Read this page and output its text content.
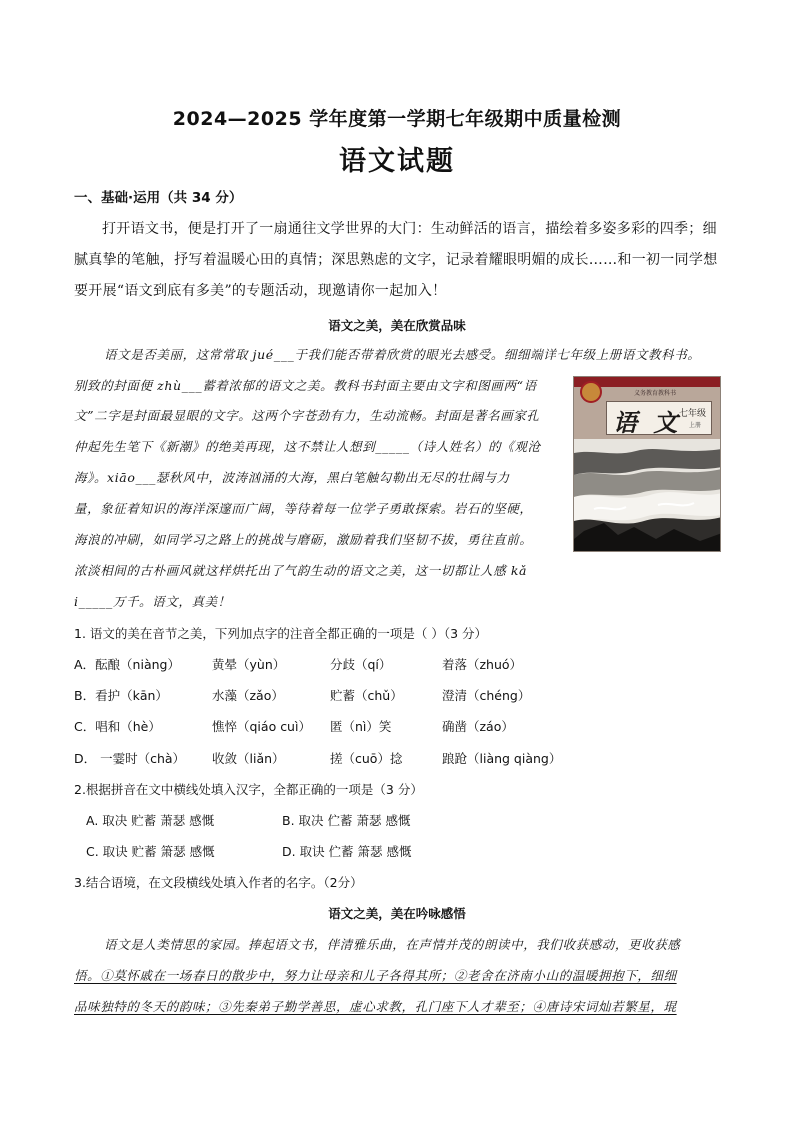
2024—2025 学年度第一学期七年级期中质量检测
语文试题
一、基础·运用（共 34 分）
打开语文书，便是打开了一扇通往文学世界的大门：生动鲜活的语言，描绘着多姿多彩的四季；细腻真挚的笔触，抒写着温暖心田的真情；深思熟虑的文字，记录着耀眼明媚的成长……和一初一同学想要开展“语文到底有多美”的专题活动，现邀请你一起加入！
语文之美，美在欣赏品味
语文是否美丽，这常常取 jué___于我们能否带着欣赏的眼光去感受。细细端详七年级上册语文教科书。
别致的封面便 zhù___蓄着浓郁的语文之美。教科书封面主要由文字和图画两“语
文”二字是封面最显眼的文字。这两个字苍劲有力，生动流畅。封面是著名画家孔
仲起先生笔下《新潮》的绝美再现，这不禁让人想到_____（诗人姓名）的《观沧
海》。xiāo___瑟秋风中，波涛汹涌的大海，黑白笔触勾勒出无尽的壮阔与力
量，象征着知识的海洋深邃而广阔，等待着每一位学子勇敢探索。岩石的坚硬，
海浪的冲刷，如同学习之路上的挑战与磨砺，激励着我们坚韧不拔，勇往直前。
浓淡相间的古朴画风就这样烘托出了气韵生动的语文之美，这一切都让人感 kǎ
i_____万千。语文，真美！
义务教育教科书
语 文
七年级
上册
1. 语文的美在音节之美，下列加点字的注音全都正确的一项是（ ）（3 分）
A．酝酿（niàng）	黄晕（yùn）	分歧（qí）	着落（zhuó）
B．看护（kān）	水藻（zǎo）	贮蓄（chǔ）	澄清（chéng）
C．唱和（hè）	憔悴（qiáo cuì） 匿（nì）笑	确凿（záo）
D． 一霎时（chà） 收敛（liǎn）	搓（cuō）捻	踉跄（liàng qiàng）
2.根据拼音在文中横线处填入汉字，全都正确的一项是（3 分）
A. 取决 贮蓄 萧瑟 感慨	B. 取决 伫蓄 萧瑟 感慨
C. 取诀 贮蓄 箫瑟 感慨	D. 取诀 伫蓄 箫瑟 感慨
3.结合语境，在文段横线处填入作者的名字。（2分）
语文之美，美在吟咏感悟
语文是人类情思的家园。捧起语文书，伴清雅乐曲，在声情并茂的朗读中，我们收获感动，更收获感
悟。①莫怀戚在一场春日的散步中，努力让母亲和儿子各得其所；②老舍在济南小山的温暖拥抱下，细细
品味独特的冬天的韵味；③先秦弟子勤学善思，虚心求教，孔门座下人才辈至；④唐诗宋词灿若繁星，琨
